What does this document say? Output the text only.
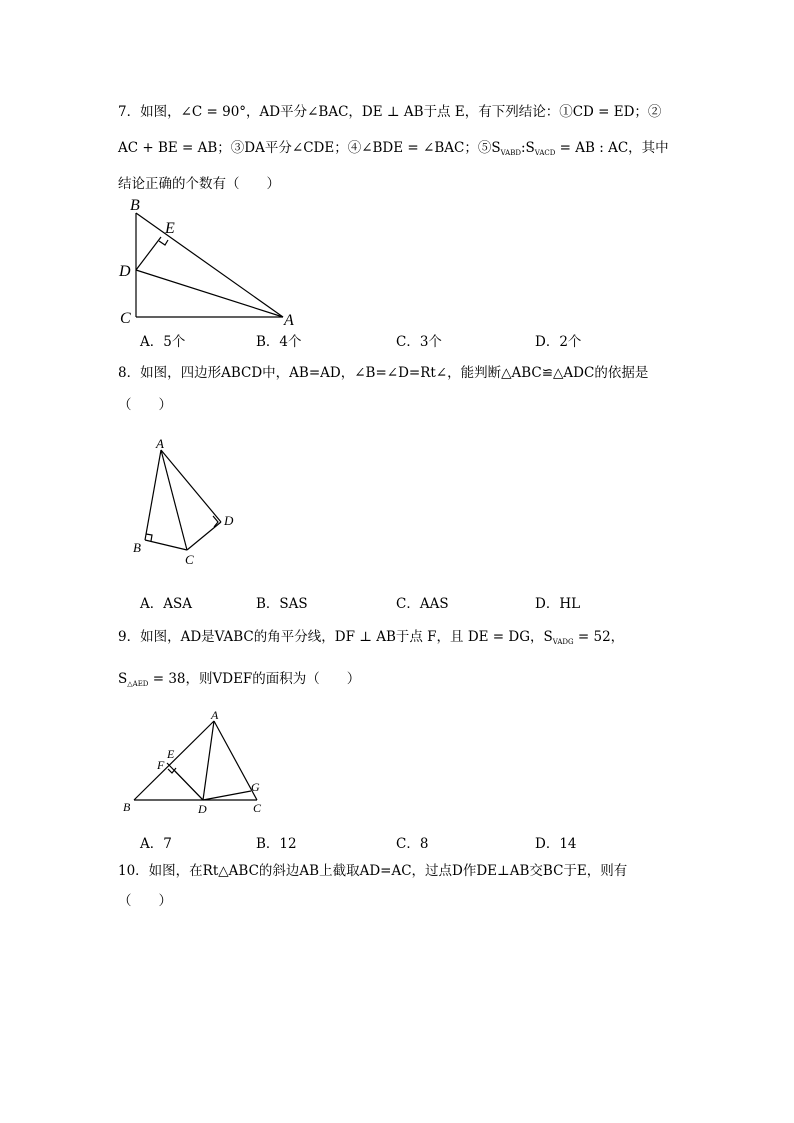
7．如图，∠C = 90°，AD平分∠BAC，DE ⊥ AB于点 E，有下列结论：①CD = ED；②
AC + BE = AB；③DA平分∠CDE；④∠BDE = ∠BAC；$⑤S_{VABD}:S_{VACD}$ = AB : AC，其中
结论正确的个数有（　　）
B
E
D
C	A
A．5个	B．4个	C．3个	D．2个
8．如图，四边形ABCD中，AB=AD，∠B=∠D=Rt∠，能判断△ABC≌△ADC的依据是
（　　）
A
B
C
D
A．ASA	B．SAS	C．AAS	D．HL
9．如图，AD是VABC的角平分线，DF ⊥ AB于点 F，且 DE = DG，$S_{VADG} = 52$，
$S_{\triangle AED} = 38$，则VDEF的面积为（　　）
A
E
F
B	D
G
C
A．7	B．12	C．8	D．14
10．如图，在Rt△ABC的斜边AB上截取AD=AC，过点D作DE⊥AB交BC于E，则有
（　　）
